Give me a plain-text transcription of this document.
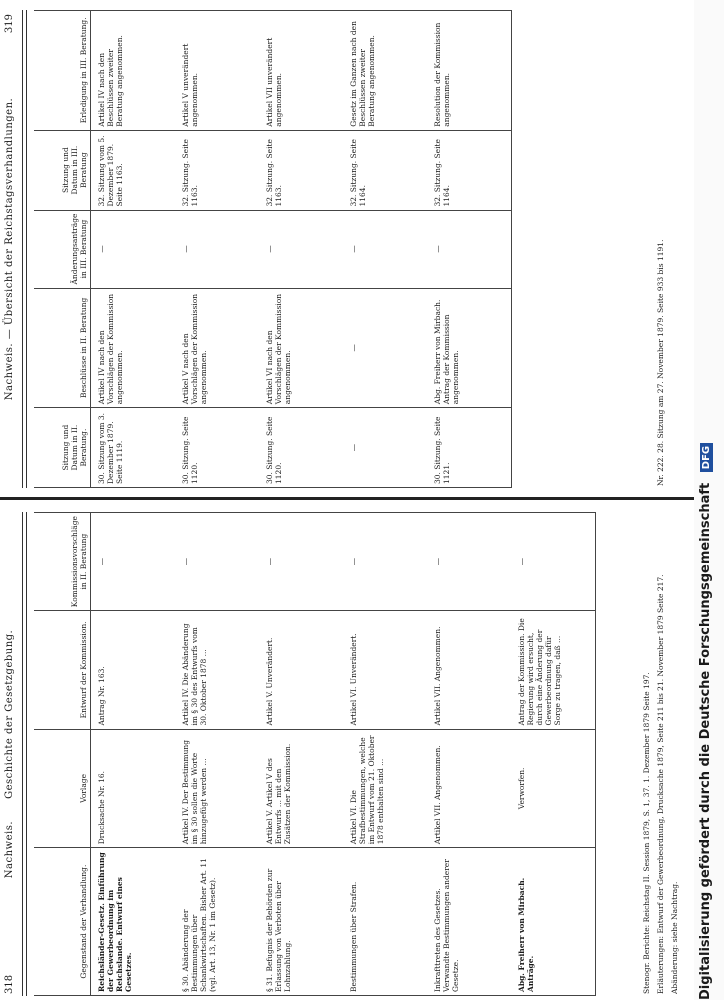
318
Nachweis.      Geschichte der Gesetzgebung.
Gegenstand der Verhandlung.	Vorlage	Entwurf der Kommission.	Kommissionsvorschläge in II. Beratung
Reichsländer-Gesetz. Einführung der Gewerbeordnung im Reichslande. Entwurf eines Gesetzes.	Drucksache Nr. 16.	Antrag Nr. 163.	—
§ 30. Abänderung der Bestimmungen über Schankwirtschaften. Bisher Art. 11 (vgl. Art. 13, Nr. 1 im Gesetz).	Artikel IV. Der Bestimmung im § 30 sollen die Worte hinzugefügt werden ...	Artikel IV. Die Abänderung im § 30 des Entwurfs vom 30. Oktober 1878 ...	—
§ 31. Befugnis der Behörden zur Erlassung von Verboten über Lohnzahlung.	Artikel V. Artikel V des Entwurfs ... mit den Zusätzen der Kommission.	Artikel V. Unverändert.	—
Bestimmungen über Strafen.	Artikel VI. Die Strafbestimmungen, welche im Entwurf vom 21. Oktober 1878 enthalten sind ...	Artikel VI. Unverändert.	—
Inkrafttreten des Gesetzes. Verwandte Bestimmungen anderer Gesetze.	Artikel VII. Angenommen.	Artikel VII. Angenommen.	—
Abg. Freiherr von Mirbach. Anträge.	Verworfen.	Antrag der Kommission. Die Regierung wird ersucht, durch eine Änderung der Gewerbeordnung dafür Sorge zu tragen, daß ...	—
Stenogr. Berichte: Reichstag II. Session 1879, S. 1, 37. 1. Dezember 1879 Seite 197. Erläuterungen: Entwurf der Gewerbeordnung, Drucksache 1879, Seite 211 bis 21. November 1879 Seite 217. Abänderung: siehe Nachtrag.
Nachweis. — Übersicht der Reichstagsverhandlungen.
319
Sitzung und Datum in II. Beratung.	Beschlüsse in II. Beratung	Änderungsanträge in III. Beratung	Sitzung und Datum in III. Beratung	Erledigung in III. Beratung.
30. Sitzung vom 3. Dezember 1879. Seite 1119.	Artikel IV nach den Vorschlägen der Kommission angenommen.	—	32. Sitzung vom 5. Dezember 1879. Seite 1163.	Artikel IV nach den Beschlüssen zweiter Beratung angenommen.
30. Sitzung. Seite 1120.	Artikel V nach den Vorschlägen der Kommission angenommen.	—	32. Sitzung. Seite 1163.	Artikel V unverändert angenommen.
30. Sitzung. Seite 1120.	Artikel VI nach den Vorschlägen der Kommission angenommen.	—	32. Sitzung. Seite 1163.	Artikel VII unverändert angenommen.
—	—	—	32. Sitzung. Seite 1164.	Gesetz im Ganzen nach den Beschlüssen zweiter Beratung angenommen.
30. Sitzung. Seite 1121.	Abg. Freiherr von Mirbach. Antrag der Kommission angenommen.	—	32. Sitzung. Seite 1164.	Resolution der Kommission angenommen.
Nr. 222. 28. Sitzung am 27. November 1879. Seite 933 bis 1191.
Digitalisierung gefördert durch die Deutsche Forschungsgemeinschaft DFG
